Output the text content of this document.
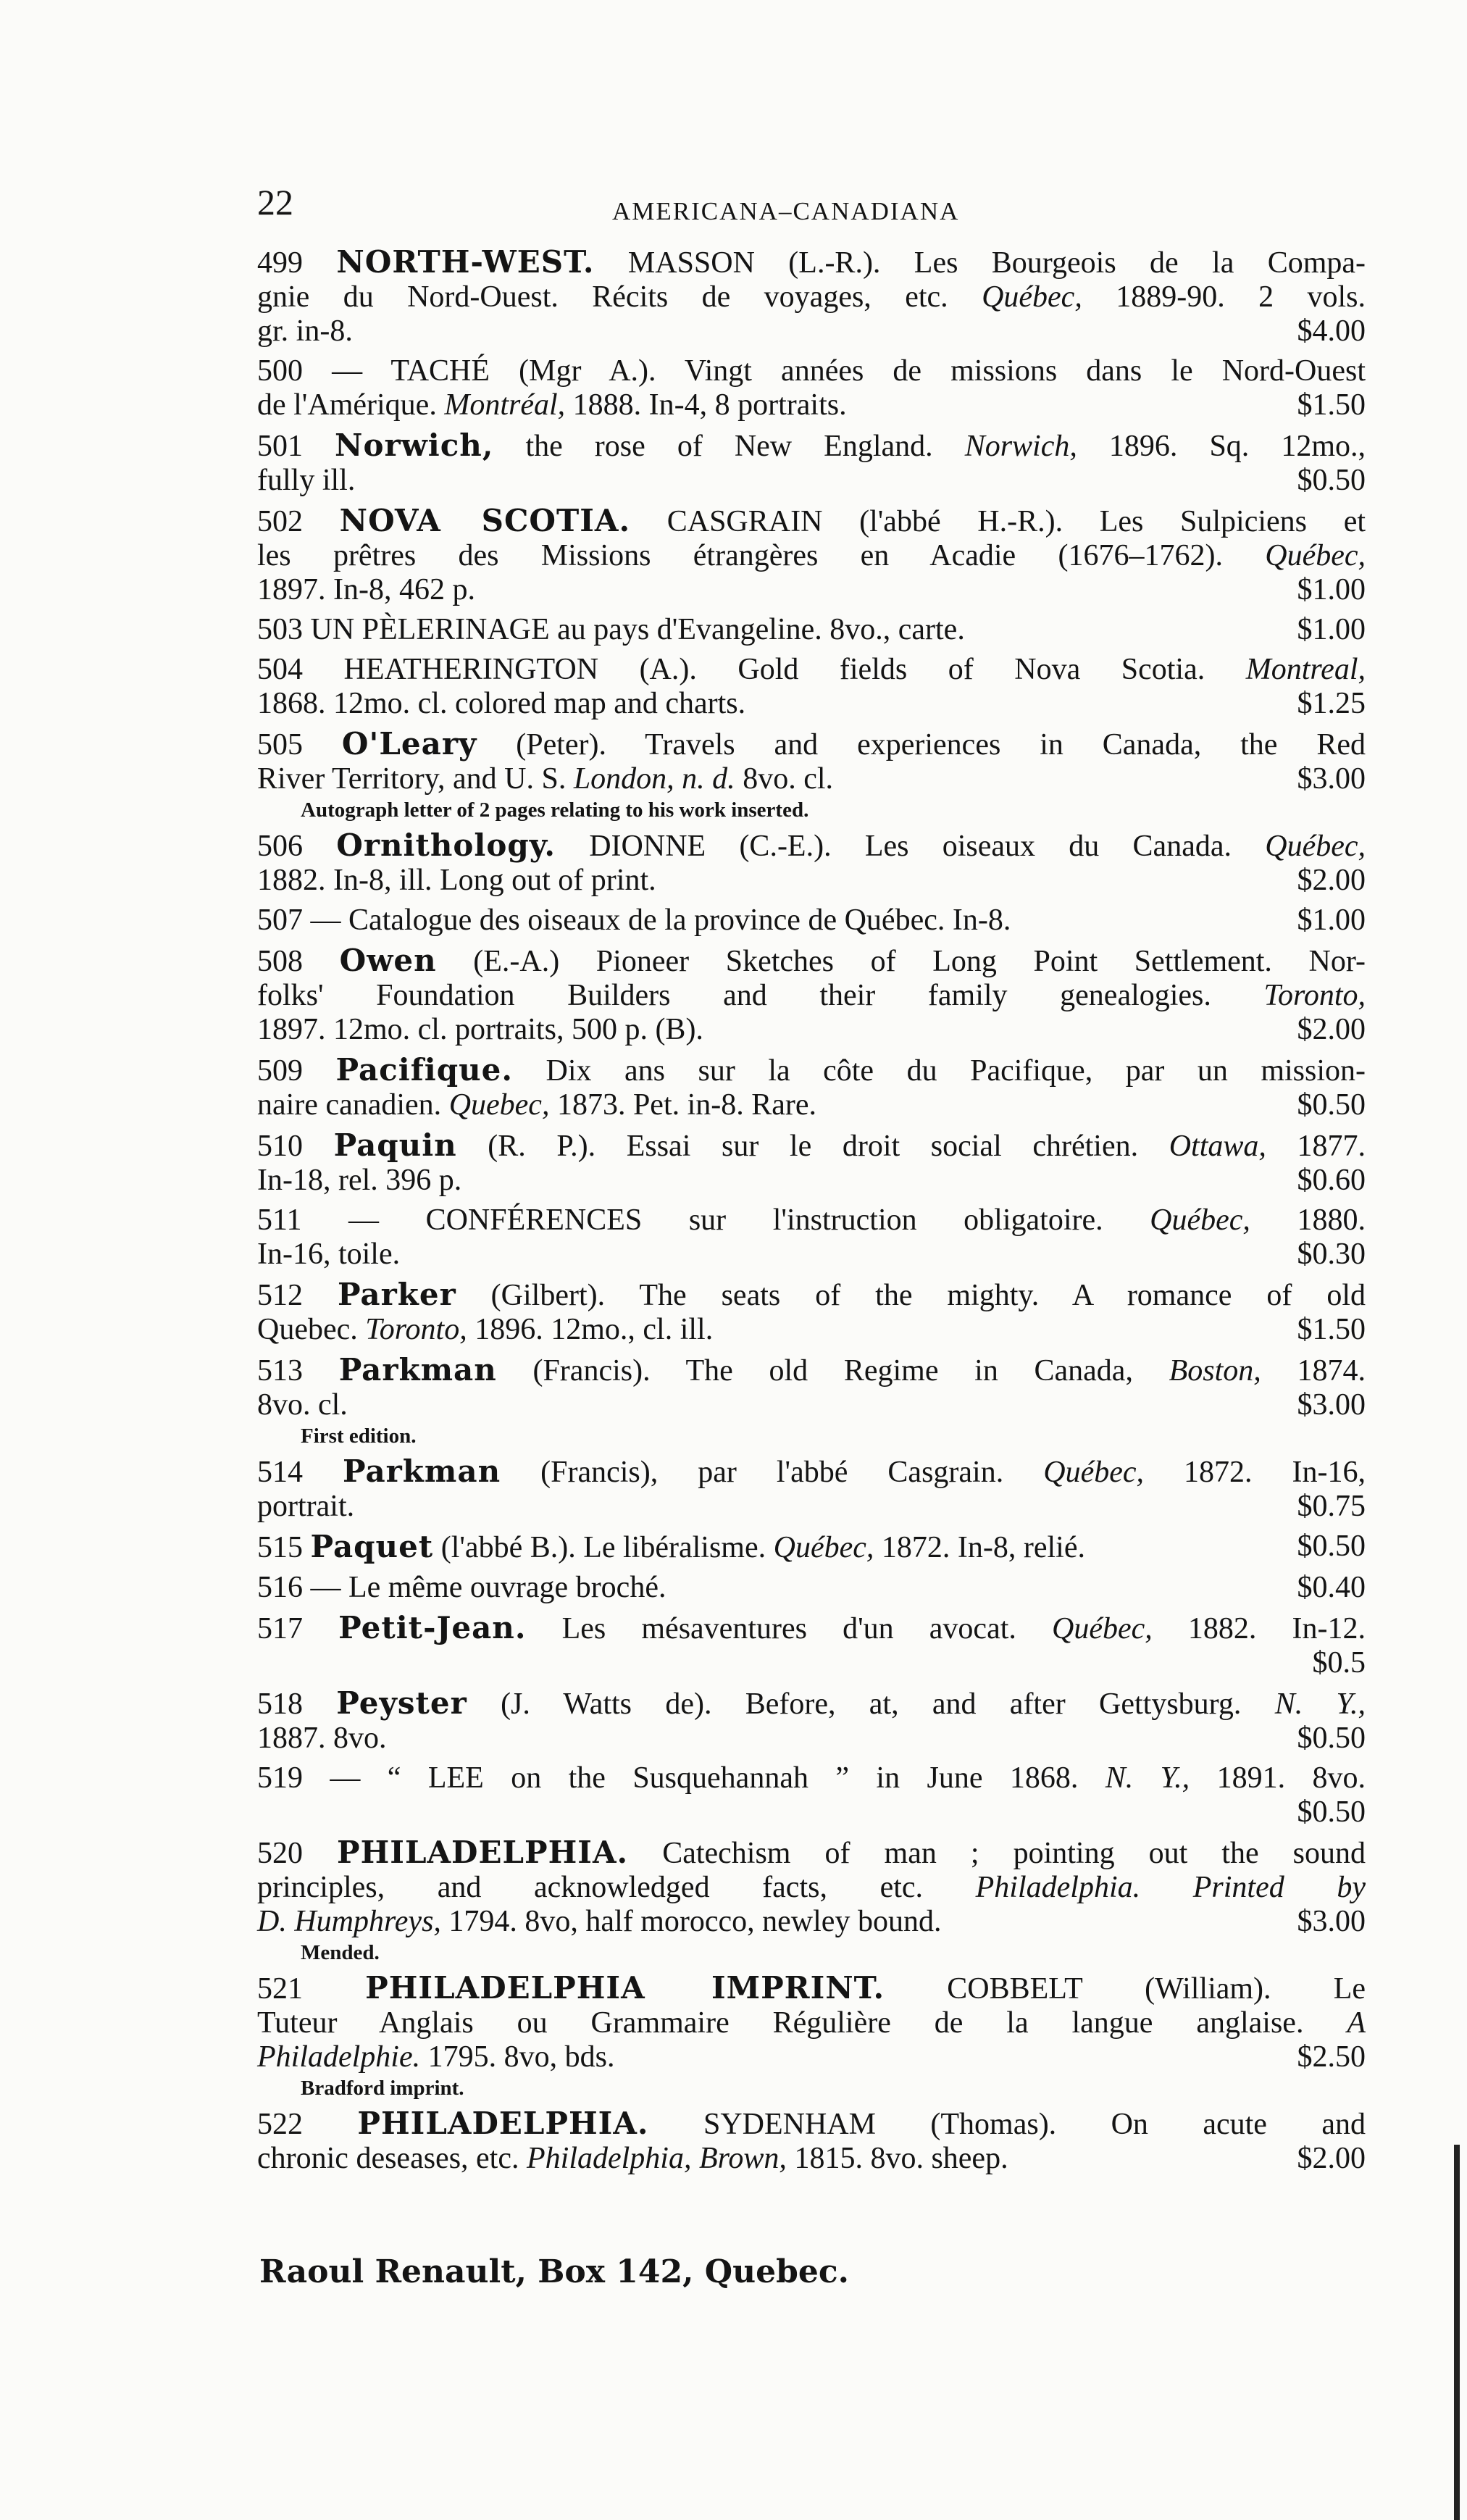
22	AMERICANA–CANADIANA
499 NORTH-WEST. MASSON (L.-R.). Les Bourgeois de la Compa-
gnie du Nord-Ouest. Récits de voyages, etc. Québec, 1889-90. 2 vols.
gr. in-8.	$4.00
500 — TACHÉ (Mgr A.). Vingt années de missions dans le Nord-Ouest
de l'Amérique. Montréal, 1888. In-4, 8 portraits.	$1.50
501 Norwich, the rose of New England. Norwich, 1896. Sq. 12mo.,
fully ill.	$0.50
502 NOVA SCOTIA. CASGRAIN (l'abbé H.-R.). Les Sulpiciens et
les prêtres des Missions étrangères en Acadie (1676–1762). Québec,
1897. In-8, 462 p.	$1.00
503 UN PÈLERINAGE au pays d'Evangeline. 8vo., carte.	$1.00
504 HEATHERINGTON (A.). Gold fields of Nova Scotia. Montreal,
1868. 12mo. cl. colored map and charts.	$1.25
505 O'Leary (Peter). Travels and experiences in Canada, the Red
River Territory, and U. S. London, n. d. 8vo. cl.	$3.00
Autograph letter of 2 pages relating to his work inserted.
506 Ornithology. DIONNE (C.-E.). Les oiseaux du Canada. Québec,
1882. In-8, ill. Long out of print.	$2.00
507 — Catalogue des oiseaux de la province de Québec. In-8.	$1.00
508 Owen (E.-A.) Pioneer Sketches of Long Point Settlement. Nor-
folks' Foundation Builders and their family genealogies. Toronto,
1897. 12mo. cl. portraits, 500 p. (B).	$2.00
509 Pacifique. Dix ans sur la côte du Pacifique, par un mission-
naire canadien. Quebec, 1873. Pet. in-8. Rare.	$0.50
510 Paquin (R. P.). Essai sur le droit social chrétien. Ottawa, 1877.
In-18, rel. 396 p.	$0.60
511 — CONFÉRENCES sur l'instruction obligatoire. Québec, 1880.
In-16, toile.	$0.30
512 Parker (Gilbert). The seats of the mighty. A romance of old
Quebec. Toronto, 1896. 12mo., cl. ill.	$1.50
513 Parkman (Francis). The old Regime in Canada, Boston, 1874.
8vo. cl.	$3.00
First edition.
514 Parkman (Francis), par l'abbé Casgrain. Québec, 1872. In-16,
portrait.	$0.75
515 Paquet (l'abbé B.). Le libéralisme. Québec, 1872. In-8, relié.	$0.50
516 — Le même ouvrage broché.	$0.40
517 Petit-Jean. Les mésaventures d'un avocat. Québec, 1882. In-12.
$0.5
518 Peyster (J. Watts de). Before, at, and after Gettysburg. N. Y.,
1887. 8vo.	$0.50
519 — “ LEE on the Susquehannah ” in June 1868. N. Y., 1891. 8vo.
$0.50
520 PHILADELPHIA. Catechism of man ; pointing out the sound
principles, and acknowledged facts, etc. Philadelphia. Printed by
D. Humphreys, 1794. 8vo, half morocco, newley bound.	$3.00
Mended.
521 PHILADELPHIA IMPRINT. COBBELT (William). Le
Tuteur Anglais ou Grammaire Régulière de la langue anglaise. A
Philadelphie. 1795. 8vo, bds.	$2.50
Bradford imprint.
522 PHILADELPHIA. SYDENHAM (Thomas). On acute and
chronic deseases, etc. Philadelphia, Brown, 1815. 8vo. sheep.	$2.00
Raoul Renault, Box 142, Quebec.
